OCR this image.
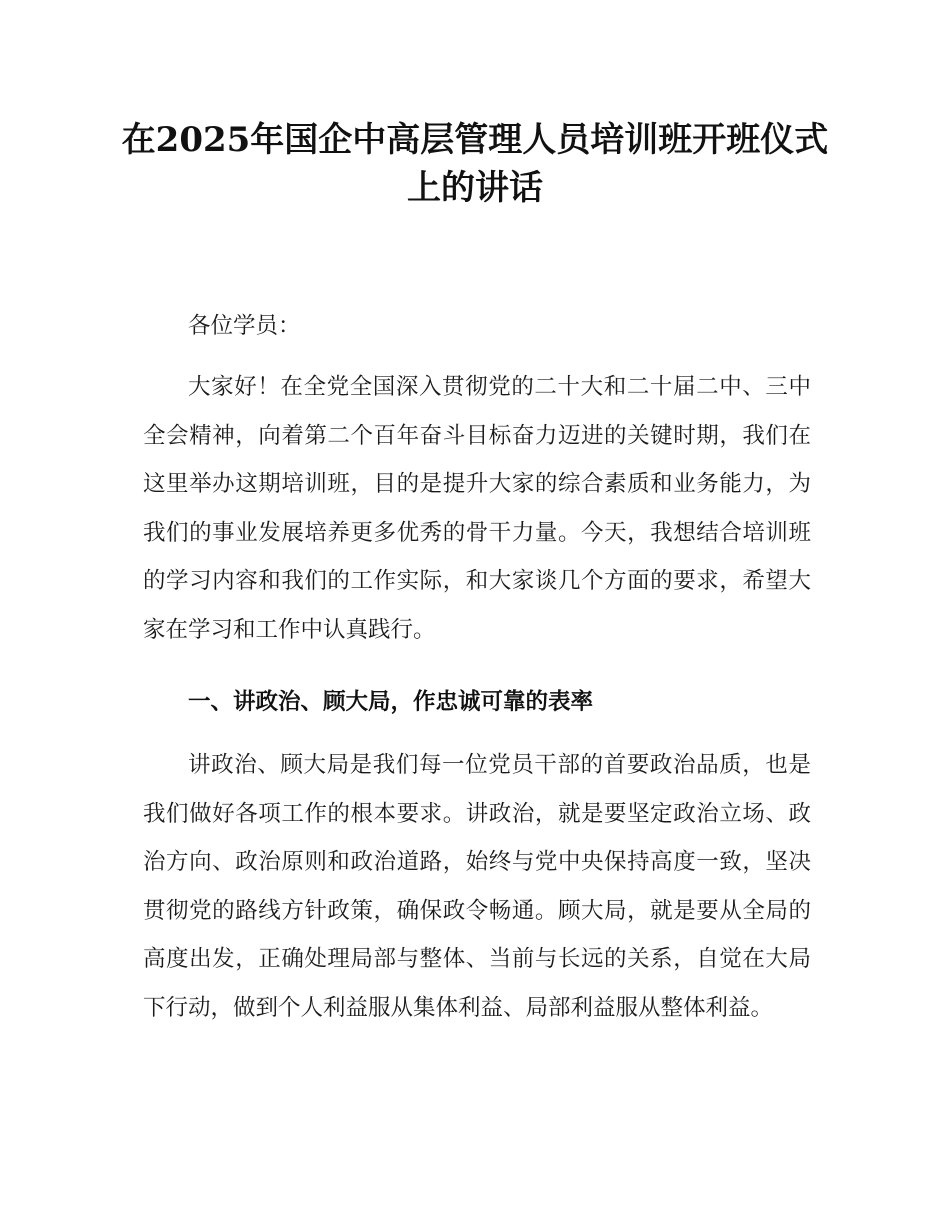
在2025年国企中高层管理人员培训班开班仪式上的讲话

各位学员：

大家好！在全党全国深入贯彻党的二十大和二十届二中、三中全会精神，向着第二个百年奋斗目标奋力迈进的关键时期，我们在这里举办这期培训班，目的是提升大家的综合素质和业务能力，为我们的事业发展培养更多优秀的骨干力量。今天，我想结合培训班的学习内容和我们的工作实际，和大家谈几个方面的要求，希望大家在学习和工作中认真践行。

一、讲政治、顾大局，作忠诚可靠的表率

讲政治、顾大局是我们每一位党员干部的首要政治品质，也是我们做好各项工作的根本要求。讲政治，就是要坚定政治立场、政治方向、政治原则和政治道路，始终与党中央保持高度一致，坚决贯彻党的路线方针政策，确保政令畅通。顾大局，就是要从全局的高度出发，正确处理局部与整体、当前与长远的关系，自觉在大局下行动，做到个人利益服从集体利益、局部利益服从整体利益。
